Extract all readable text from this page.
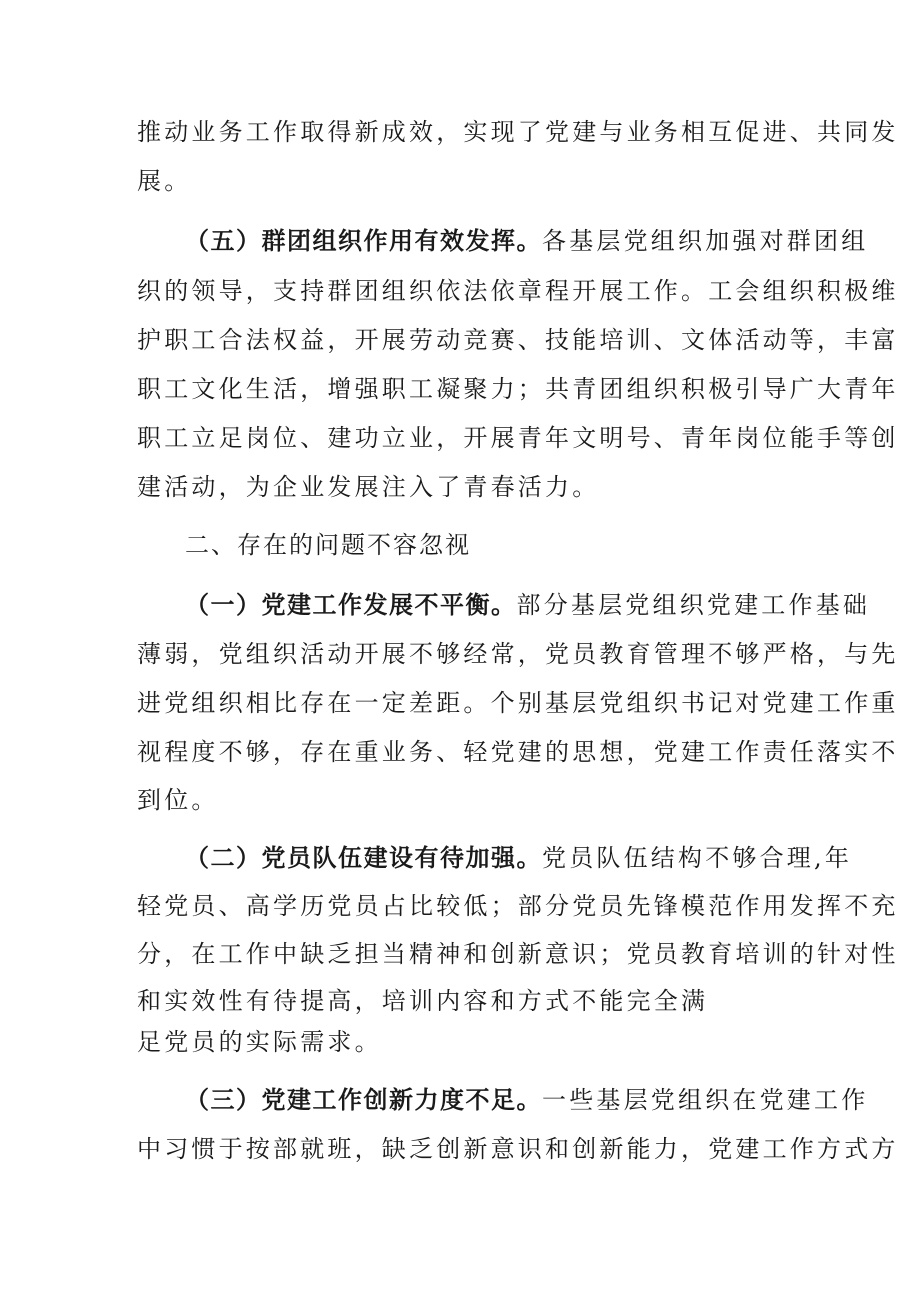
推动业务工作取得新成效，实现了党建与业务相互促进、共同发
展。
（五）群团组织作用有效发挥。各基层党组织加强对群团组
织的领导，支持群团组织依法依章程开展工作。工会组织积极维
护职工合法权益，开展劳动竞赛、技能培训、文体活动等，丰富
职工文化生活，增强职工凝聚力；共青团组织积极引导广大青年
职工立足岗位、建功立业，开展青年文明号、青年岗位能手等创
建活动，为企业发展注入了青春活力。
二、存在的问题不容忽视
（一）党建工作发展不平衡。部分基层党组织党建工作基础
薄弱，党组织活动开展不够经常，党员教育管理不够严格，与先
进党组织相比存在一定差距。个别基层党组织书记对党建工作重
视程度不够，存在重业务、轻党建的思想，党建工作责任落实不
到位。
（二）党员队伍建设有待加强。党员队伍结构不够合理,年
轻党员、高学历党员占比较低；部分党员先锋模范作用发挥不充
分，在工作中缺乏担当精神和创新意识；党员教育培训的针对性
和实效性有待提高，培训内容和方式不能完全满
足党员的实际需求。
（三）党建工作创新力度不足。一些基层党组织在党建工作
中习惯于按部就班，缺乏创新意识和创新能力，党建工作方式方
